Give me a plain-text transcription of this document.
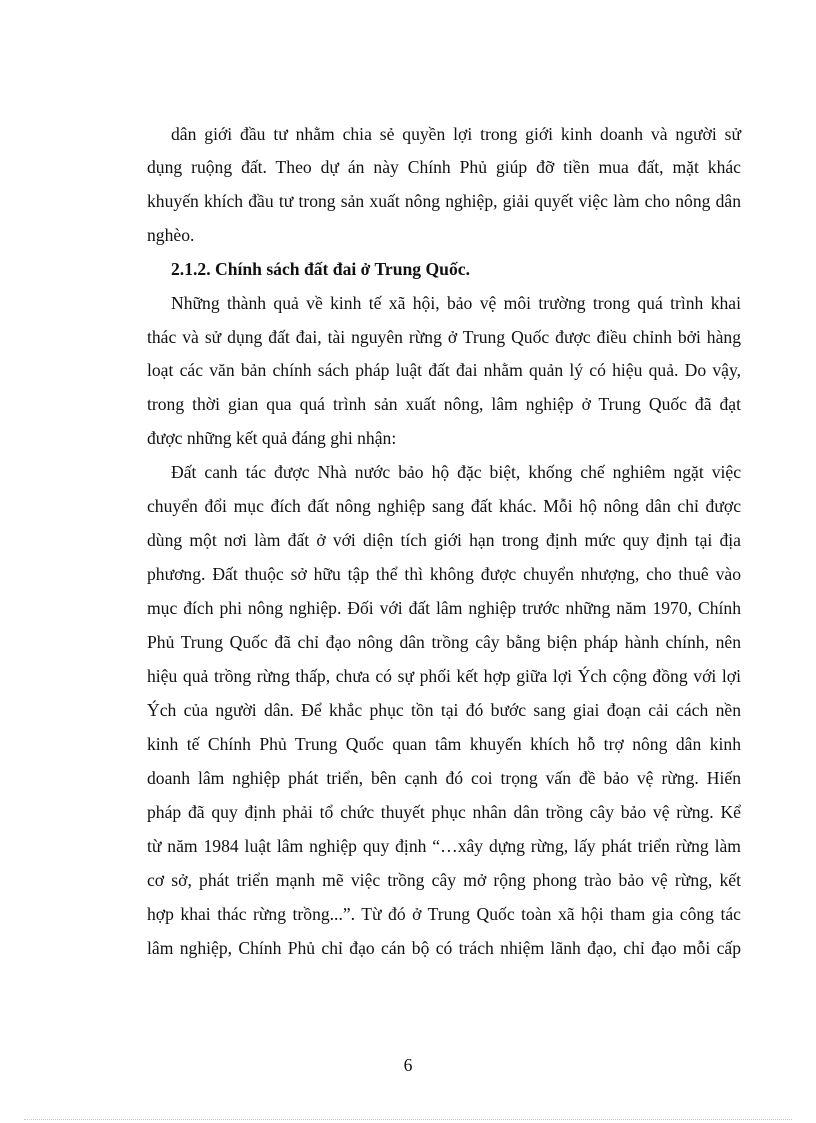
dân giới đầu tư nhằm chia sẻ quyền lợi trong giới kinh doanh và người sử
dụng ruộng đất. Theo dự án này Chính Phủ giúp đỡ tiền mua đất, mặt khác
khuyến khích đầu tư trong sản xuất nông nghiệp, giải quyết việc làm cho nông dân
nghèo.
2.1.2. Chính sách đất đai ở Trung Quốc.
Những thành quả về kinh tế xã hội, bảo vệ môi trường trong quá trình khai
thác và sử dụng đất đai, tài nguyên rừng ở Trung Quốc được điều chỉnh bởi hàng
loạt các văn bản chính sách pháp luật đất đai nhằm quản lý có hiệu quả. Do vậy,
trong thời gian qua quá trình sản xuất nông, lâm nghiệp ở Trung Quốc đã đạt
được những kết quả đáng ghi nhận:
Đất canh tác được Nhà nước bảo hộ đặc biệt, khống chế nghiêm ngặt việc
chuyển đổi mục đích đất nông nghiệp sang đất khác. Mỗi hộ nông dân chỉ được
dùng một nơi làm đất ở với diện tích giới hạn trong định mức quy định tại địa
phương. Đất thuộc sở hữu tập thể thì không được chuyển nhượng, cho thuê vào
mục đích phi nông nghiệp. Đối với đất lâm nghiệp trước những năm 1970, Chính
Phủ Trung Quốc đã chỉ đạo nông dân trồng cây bằng biện pháp hành chính, nên
hiệu quả trồng rừng thấp, chưa có sự phối kết hợp giữa lợi Ých cộng đồng với lợi
Ých của người dân. Để khắc phục tồn tại đó bước sang giai đoạn cải cách nền
kinh tế Chính Phủ Trung Quốc quan tâm khuyến khích hỗ trợ nông dân kinh
doanh lâm nghiệp phát triển, bên cạnh đó coi trọng vấn đề bảo vệ rừng. Hiến
pháp đã quy định phải tổ chức thuyết phục nhân dân trồng cây bảo vệ rừng. Kể
từ năm 1984 luật lâm nghiệp quy định “…xây dựng rừng, lấy phát triển rừng làm
cơ sở, phát triển mạnh mẽ việc trồng cây mở rộng phong trào bảo vệ rừng, kết
hợp khai thác rừng trồng...”. Từ đó ở Trung Quốc toàn xã hội tham gia công tác
lâm nghiệp, Chính Phủ chỉ đạo cán bộ có trách nhiệm lãnh đạo, chỉ đạo mỗi cấp
6
